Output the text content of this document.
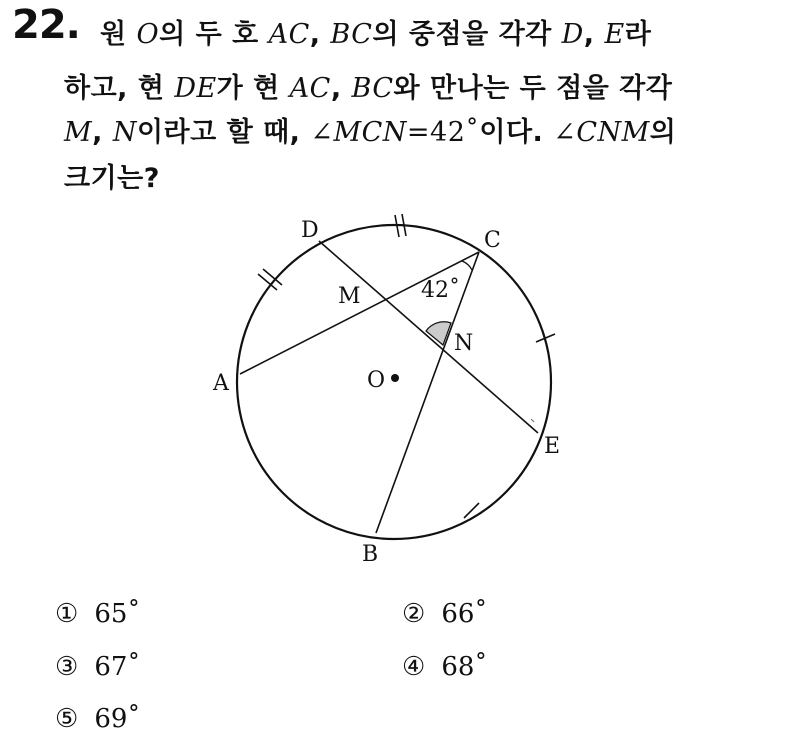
22. 원 O의 두 호 AC, BC의 중점을 각각 D, E라
하고, 현 DE가 현 AC, BC와 만나는 두 점을 각각
M, N이라고 할 때, ∠MCN=42˚이다. ∠CNM의
크기는?
D	C
M	42˚
N
A	O
E
B
① 65˚	② 66˚
③ 67˚	④ 68˚
⑤ 69˚
